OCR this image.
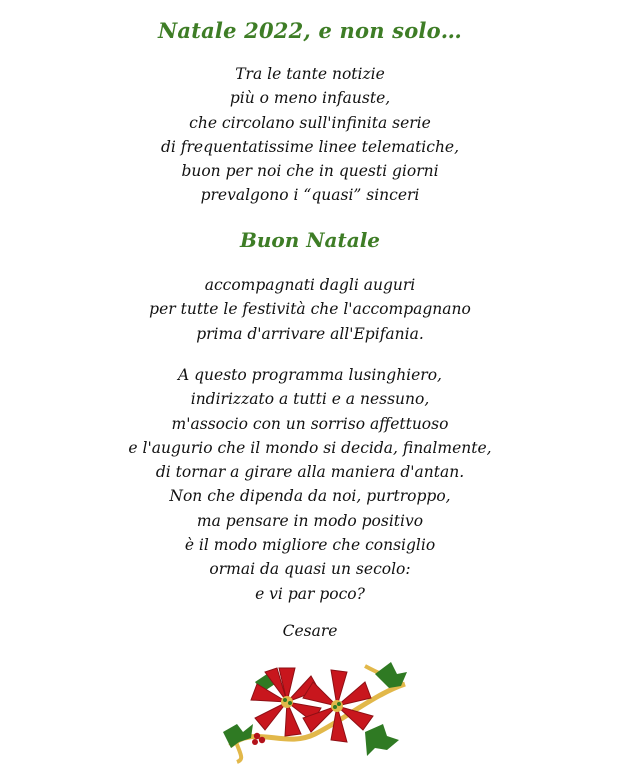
Natale 2022, e non solo…
Tra le tante notizie
più o meno infauste,
che circolano sull'infinita serie
di frequentatissime linee telematiche,
buon per noi che in questi giorni
prevalgono i “quasi” sinceri
Buon Natale
accompagnati dagli auguri
per tutte le festività che l'accompagnano
prima d'arrivare all'Epifania.
A questo programma lusinghiero,
indirizzato a tutti e a nessuno,
m'associo con un sorriso affettuoso
e l'augurio che il mondo si decida, finalmente,
di tornar a girare alla maniera d'antan.
Non che dipenda da noi, purtroppo,
ma pensare in modo positivo
è il modo migliore che consiglio
ormai da quasi un secolo:
e vi par poco?
Cesare
